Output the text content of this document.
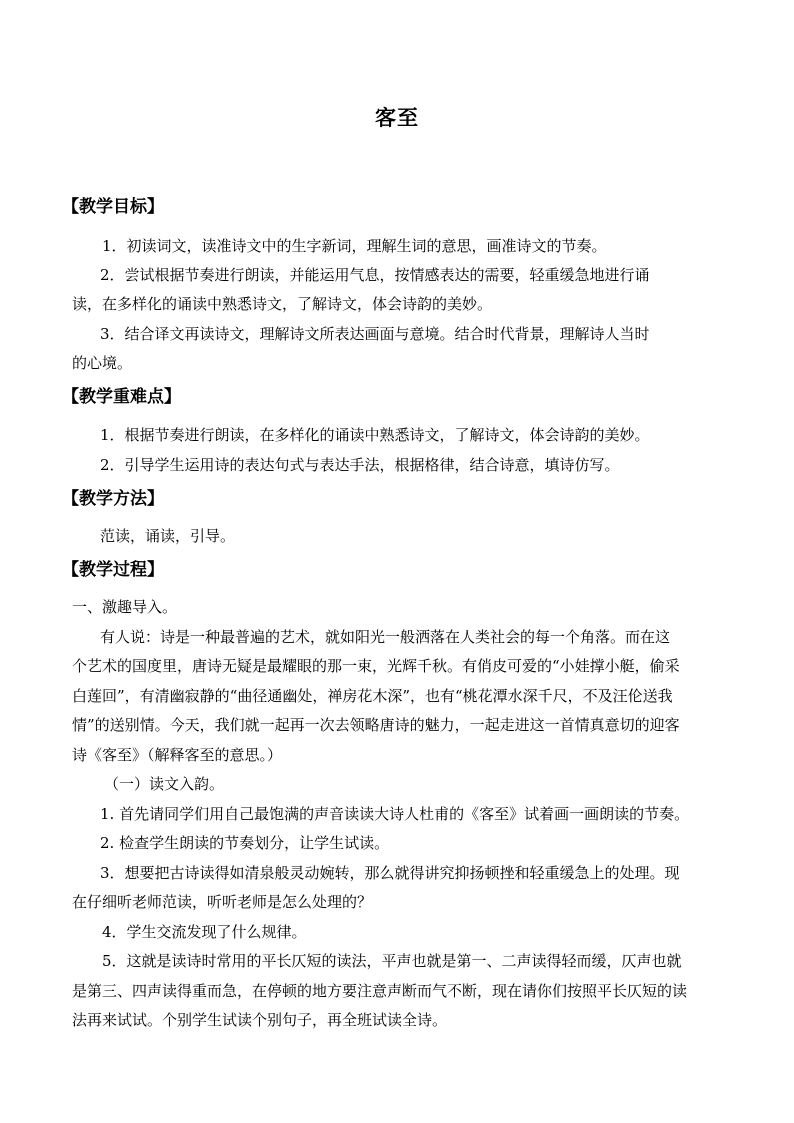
客至
【教学目标】
1．初读词文，读准诗文中的生字新词，理解生词的意思，画准诗文的节奏。
2．尝试根据节奏进行朗读，并能运用气息，按情感表达的需要，轻重缓急地进行诵
读，在多样化的诵读中熟悉诗文，了解诗文，体会诗韵的美妙。
3．结合译文再读诗文，理解诗文所表达画面与意境。结合时代背景，理解诗人当时
的心境。
【教学重难点】
1．根据节奏进行朗读，在多样化的诵读中熟悉诗文，了解诗文，体会诗韵的美妙。
2．引导学生运用诗的表达句式与表达手法，根据格律，结合诗意，填诗仿写。
【教学方法】
范读，诵读，引导。
【教学过程】
一、激趣导入。
有人说：诗是一种最普遍的艺术，就如阳光一般洒落在人类社会的每一个角落。而在这
个艺术的国度里，唐诗无疑是最耀眼的那一束，光辉千秋。有俏皮可爱的“小娃撑小艇，偷采
白莲回”，有清幽寂静的“曲径通幽处，禅房花木深”，也有“桃花潭水深千尺，不及汪伦送我
情”的送别情。今天，我们就一起再一次去领略唐诗的魅力，一起走进这一首情真意切的迎客
诗《客至》（解释客至的意思。）
（一）读文入韵。
1. 首先请同学们用自己最饱满的声音读读大诗人杜甫的《客至》试着画一画朗读的节奏。
2. 检查学生朗读的节奏划分，让学生试读。
3．想要把古诗读得如清泉般灵动婉转，那么就得讲究抑扬顿挫和轻重缓急上的处理。现
在仔细听老师范读，听听老师是怎么处理的？
4．学生交流发现了什么规律。
5．这就是读诗时常用的平长仄短的读法，平声也就是第一、二声读得轻而缓，仄声也就
是第三、四声读得重而急，在停顿的地方要注意声断而气不断，现在请你们按照平长仄短的读
法再来试试。个别学生试读个别句子，再全班试读全诗。
